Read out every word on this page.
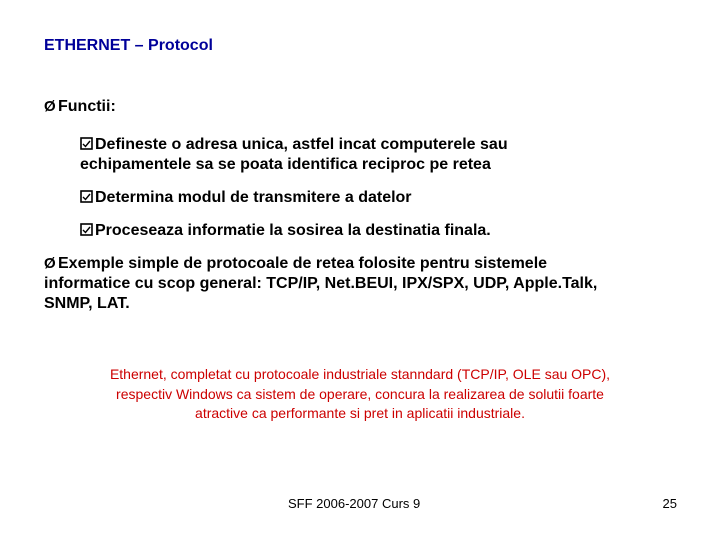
ETHERNET – Protocol
Ø Functii:
Defineste o adresa unica, astfel incat computerele sau
echipamentele sa se poata identifica reciproc pe retea
Determina modul de transmitere a datelor
Proceseaza informatie la sosirea la destinatia finala.
Ø Exemple simple de protocoale de retea folosite pentru sistemele
informatice cu scop general: TCP/IP, Net.BEUI, IPX/SPX, UDP, Apple.Talk,
SNMP, LAT.
Ethernet, completat cu protocoale industriale stanndard (TCP/IP, OLE sau OPC),
respectiv Windows ca sistem de operare, concura la realizarea de solutii foarte
atractive ca performante si pret in aplicatii industriale.
SFF 2006-2007 Curs 9	25
